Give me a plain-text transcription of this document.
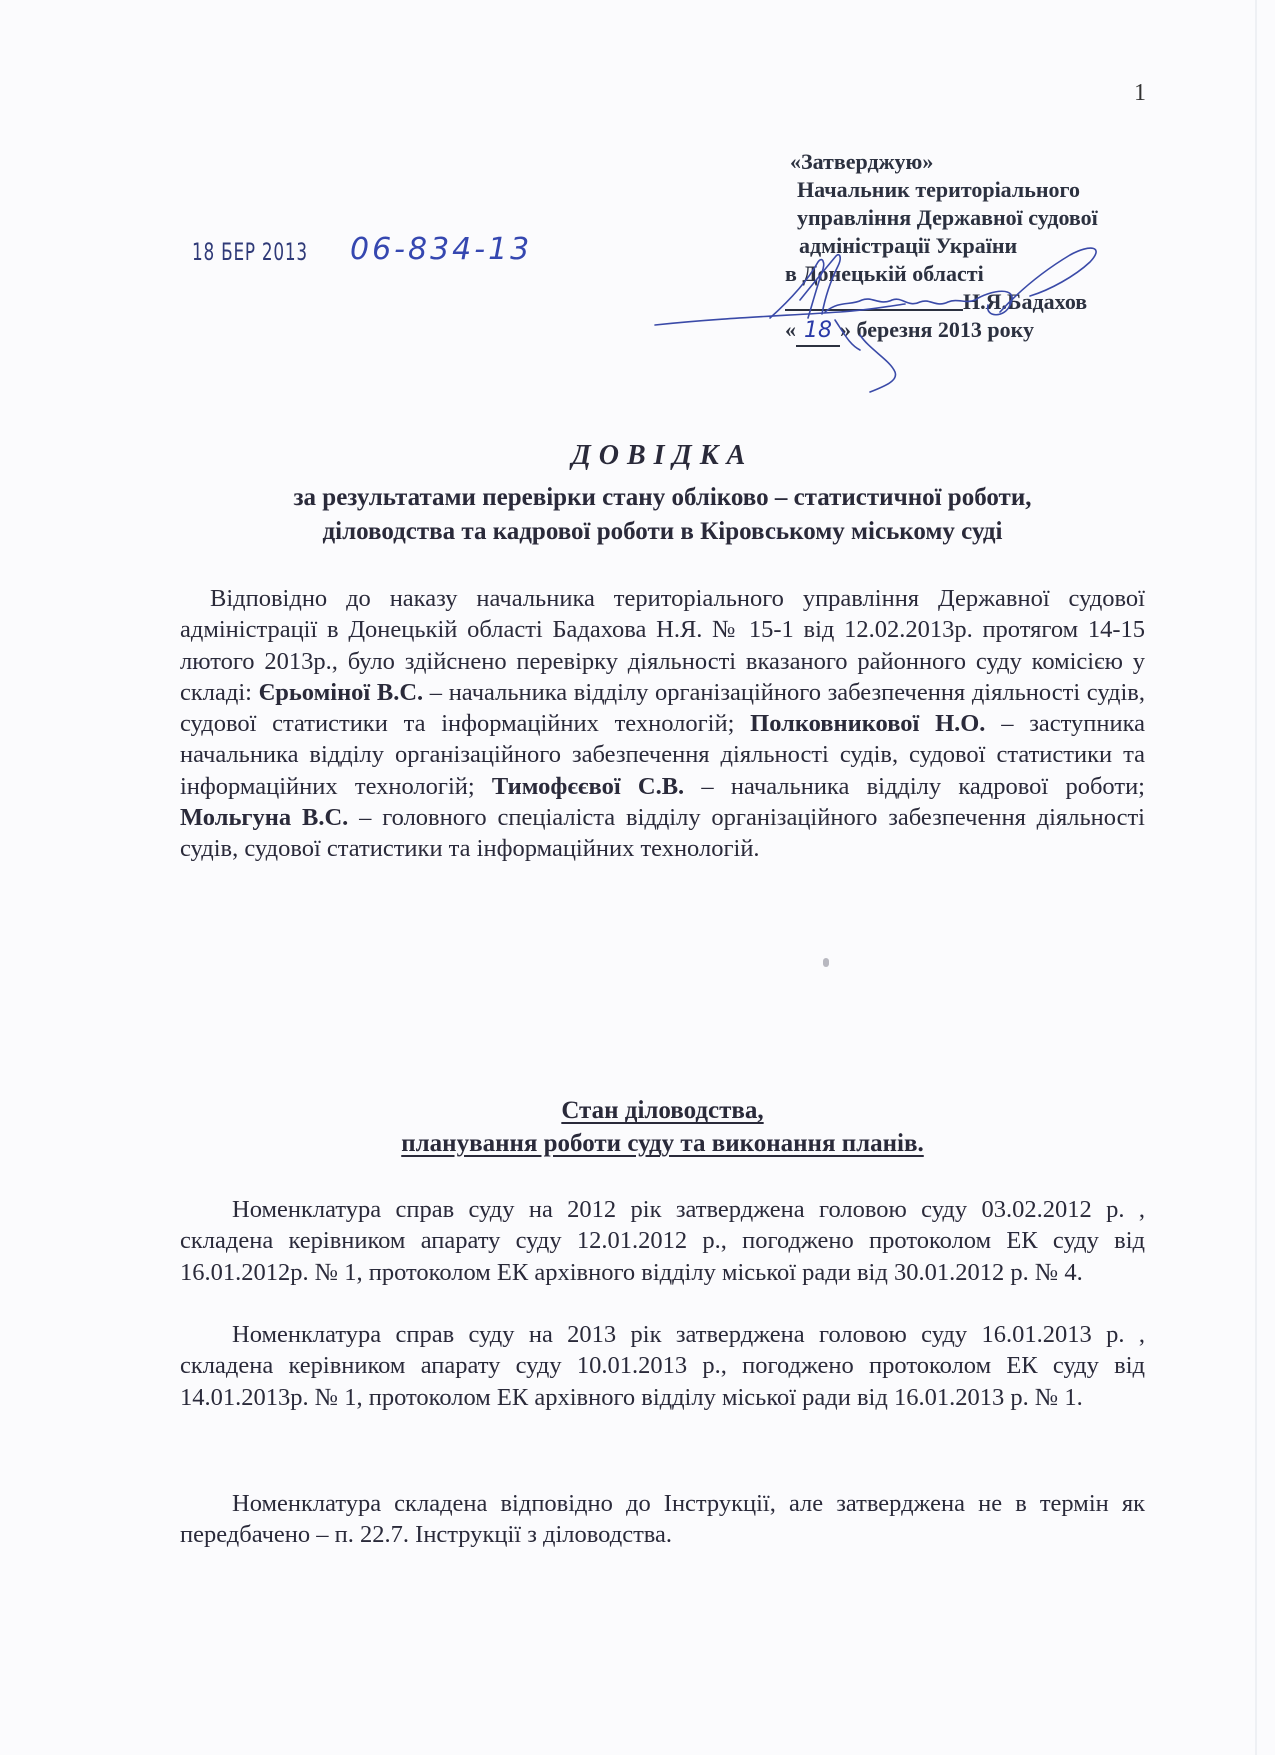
1
18 БЕР 2013 06-834-13
«Затверджую»
Начальник територіального
управління Державної судової
адміністрації України
в Донецькій області
Н.Я.Бадахов
« 18 » березня 2013 року
ДОВІДКА
за результатами перевірки стану обліково – статистичної роботи,
діловодства та кадрової роботи в Кіровському міському суді
Відповідно до наказу начальника територіального управління Державної судової адміністрації в Донецькій області Бадахова Н.Я. № 15-1 від 12.02.2013р. протягом 14-15 лютого 2013р., було здійснено перевірку діяльності вказаного районного суду комісією у складі: Єрьоміної В.С. – начальника відділу організаційного забезпечення діяльності судів, судової статистики та інформаційних технологій; Полковникової Н.О. – заступника начальника відділу організаційного забезпечення діяльності судів, судової статистики та інформаційних технологій; Тимофєєвої С.В. – начальника відділу кадрової роботи; Мольгуна В.С. – головного спеціаліста відділу організаційного забезпечення діяльності судів, судової статистики та інформаційних технологій.
Стан діловодства,
планування роботи суду та виконання планів.
Номенклатура справ суду на 2012 рік затверджена головою суду 03.02.2012 р. , складена керівником апарату суду 12.01.2012 р., погоджено протоколом ЕК суду від 16.01.2012р. № 1, протоколом ЕК архівного відділу міської ради від 30.01.2012 р. № 4.
Номенклатура справ суду на 2013 рік затверджена головою суду 16.01.2013 р. , складена керівником апарату суду 10.01.2013 р., погоджено протоколом ЕК суду від 14.01.2013р. № 1, протоколом ЕК архівного відділу міської ради від 16.01.2013 р. № 1.
Номенклатура складена відповідно до Інструкції, але затверджена не в термін як передбачено – п. 22.7. Інструкції з діловодства.
